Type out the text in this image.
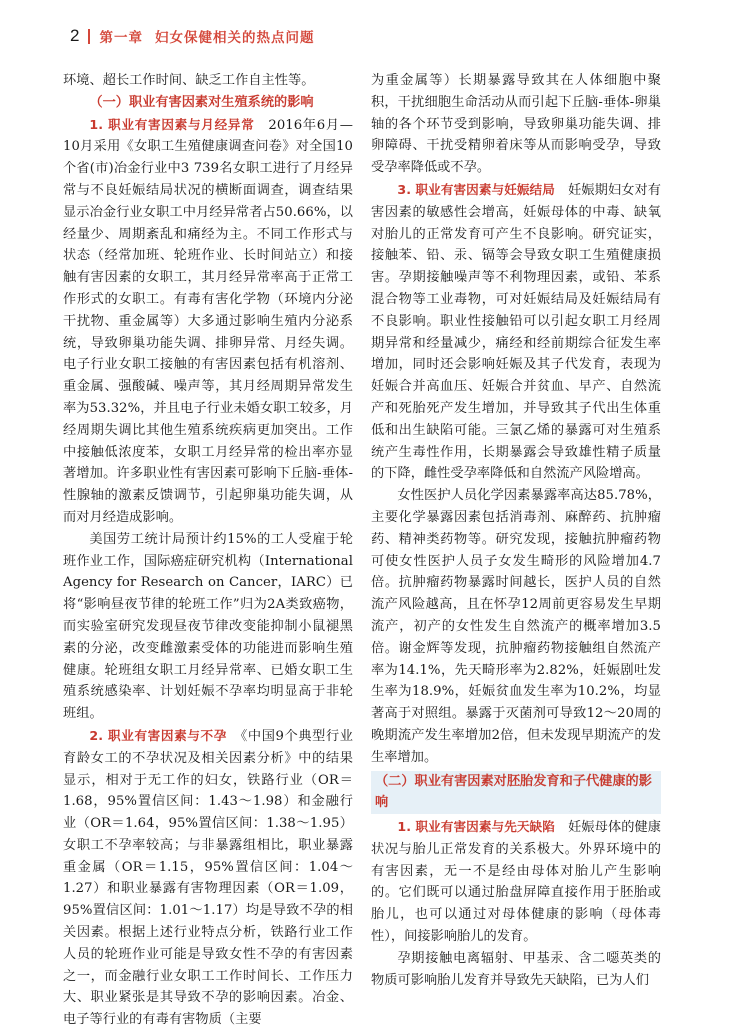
2 第一章 妇女保健相关的热点问题

环境、超长工作时间、缺乏工作自主性等。

（一）职业有害因素对生殖系统的影响

1. 职业有害因素与月经异常　 2016年6月—10月采用《女职工生殖健康调查问卷》对全国10个省(市)冶金行业中3 739名女职工进行了月经异常与不良妊娠结局状况的横断面调查，调查结果显示冶金行业女职工中月经异常者占50.66%，以经量少、周期紊乱和痛经为主。不同工作形式与状态（经常加班、轮班作业、长时间站立）和接触有害因素的女职工，其月经异常率高于正常工作形式的女职工。有毒有害化学物（环境内分泌干扰物、重金属等）大多通过影响生殖内分泌系统，导致卵巢功能失调、排卵异常、月经失调。电子行业女职工接触的有害因素包括有机溶剂、重金属、强酸碱、噪声等，其月经周期异常发生率为53.32%，并且电子行业未婚女职工较多，月经周期失调比其他生殖系统疾病更加突出。工作中接触低浓度苯，女职工月经异常的检出率亦显著增加。许多职业性有害因素可影响下丘脑-垂体-性腺轴的激素反馈调节，引起卵巢功能失调，从而对月经造成影响。

美国劳工统计局预计约15%的工人受雇于轮班作业工作，国际癌症研究机构（International Agency for Research on Cancer，IARC）已将“影响昼夜节律的轮班工作”归为2A类致癌物，而实验室研究发现昼夜节律改变能抑制小鼠褪黑素的分泌，改变雌激素受体的功能进而影响生殖健康。轮班组女职工月经异常率、已婚女职工生殖系统感染率、计划妊娠不孕率均明显高于非轮班组。

2. 职业有害因素与不孕　 《中国9个典型行业育龄女工的不孕状况及相关因素分析》中的结果显示，相对于无工作的妇女，铁路行业（OR＝1.68，95%置信区间：1.43～1.98）和金融行业（OR＝1.64，95%置信区间：1.38～1.95）女职工不孕率较高；与非暴露组相比，职业暴露重金属（OR＝1.15，95%置信区间：1.04～1.27）和职业暴露有害物理因素（OR＝1.09，95%置信区间：1.01～1.17）均是导致不孕的相关因素。根据上述行业特点分析，铁路行业工作人员的轮班作业可能是导致女性不孕的有害因素之一，而金融行业女职工工作时间长、工作压力大、职业紧张是其导致不孕的影响因素。冶金、电子等行业的有毒有害物质（主要

为重金属等）长期暴露导致其在人体细胞中聚积，干扰细胞生命活动从而引起下丘脑-垂体-卵巢轴的各个环节受到影响，导致卵巢功能失调、排卵障碍、干扰受精卵着床等从而影响受孕，导致受孕率降低或不孕。

3. 职业有害因素与妊娠结局　 妊娠期妇女对有害因素的敏感性会增高，妊娠母体的中毒、缺氧对胎儿的正常发育可产生不良影响。研究证实，接触苯、铅、汞、镉等会导致女职工生殖健康损害。孕期接触噪声等不利物理因素，或铅、苯系混合物等工业毒物，可对妊娠结局及妊娠结局有不良影响。职业性接触铅可以引起女职工月经周期异常和经量减少，痛经和经前期综合征发生率增加，同时还会影响妊娠及其子代发育，表现为妊娠合并高血压、妊娠合并贫血、早产、自然流产和死胎死产发生增加，并导致其子代出生体重低和出生缺陷可能。三氯乙烯的暴露可对生殖系统产生毒性作用，长期暴露会导致雄性精子质量的下降，雌性受孕率降低和自然流产风险增高。

女性医护人员化学因素暴露率高达85.78%，主要化学暴露因素包括消毒剂、麻醉药、抗肿瘤药、精神类药物等。研究发现，接触抗肿瘤药物可使女性医护人员子女发生畸形的风险增加4.7倍。抗肿瘤药物暴露时间越长，医护人员的自然流产风险越高，且在怀孕12周前更容易发生早期流产，初产的女性发生自然流产的概率增加3.5倍。谢金辉等发现，抗肿瘤药物接触组自然流产率为14.1%，先天畸形率为2.82%，妊娠剧吐发生率为18.9%，妊娠贫血发生率为10.2%，均显著高于对照组。暴露于灭菌剂可导致12～20周的晚期流产发生率增加2倍，但未发现早期流产的发生率增加。

（二）职业有害因素对胚胎发育和子代健康的影响

1. 职业有害因素与先天缺陷　 妊娠母体的健康状况与胎儿正常发育的关系极大。外界环境中的有害因素，无一不是经由母体对胎儿产生影响的。它们既可以通过胎盘屏障直接作用于胚胎或胎儿，也可以通过对母体健康的影响（母体毒性），间接影响胎儿的发育。

孕期接触电离辐射、甲基汞、含二噁英类的物质可影响胎儿发育并导致先天缺陷，已为人们
